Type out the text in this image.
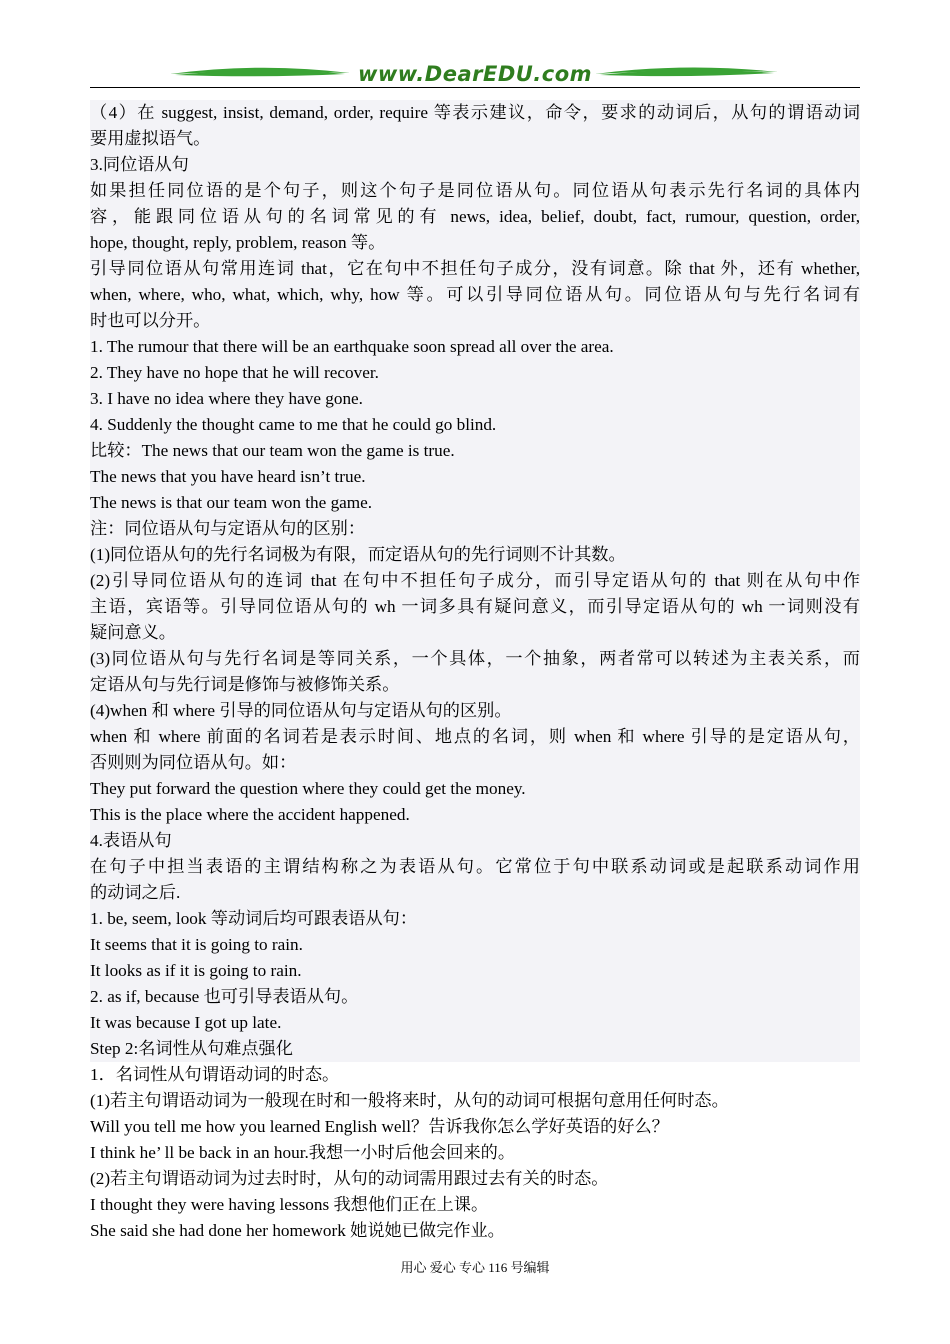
www.DearEDU.com
（4）在 suggest, insist, demand, order, require 等表示建议，命令，要求的动词后，从句的谓语动词
要用虚拟语气。
3.同位语从句
如果担任同位语的是个句子，则这个句子是同位语从句。同位语从句表示先行名词的具体内
容，能跟同位语从句的名词常见的有 news, idea, belief, doubt, fact, rumour, question, order,
hope, thought, reply, problem, reason 等。
引导同位语从句常用连词 that，它在句中不担任句子成分，没有词意。除 that 外，还有 whether,
when, where, who, what, which, why, how 等。可以引导同位语从句。同位语从句与先行名词有
时也可以分开。
1. The rumour that there will be an earthquake soon spread all over the area.
2. They have no hope that he will recover.
3. I have no idea where they have gone.
4. Suddenly the thought came to me that he could go blind.
比较：The news that our team won the game is true.
The news that you have heard isn’t true.
The news is that our team won the game.
注：同位语从句与定语从句的区别：
(1)同位语从句的先行名词极为有限，而定语从句的先行词则不计其数。
(2)引导同位语从句的连词 that 在句中不担任句子成分，而引导定语从句的 that 则在从句中作
主语，宾语等。引导同位语从句的 wh 一词多具有疑问意义，而引导定语从句的 wh 一词则没有
疑问意义。
(3)同位语从句与先行名词是等同关系，一个具体，一个抽象，两者常可以转述为主表关系，而
定语从句与先行词是修饰与被修饰关系。
(4)when 和 where 引导的同位语从句与定语从句的区别。
when 和 where 前面的名词若是表示时间、地点的名词，则 when 和 where 引导的是定语从句，
否则则为同位语从句。如：
They put forward the question where they could get the money.
This is the place where the accident happened.
4.表语从句
在句子中担当表语的主谓结构称之为表语从句。它常位于句中联系动词或是起联系动词作用
的动词之后.
1. be, seem, look 等动词后均可跟表语从句：
It seems that it is going to rain.
It looks as if it is going to rain.
2. as if, because 也可引导表语从句。
It was because I got up late.
Step 2:名词性从句难点强化
1．名词性从句谓语动词的时态。
(1)若主句谓语动词为一般现在时和一般将来时，从句的动词可根据句意用任何时态。
Will you tell me how you learned English well？告诉我你怎么学好英语的好么？
I think he’ ll be back in an hour.我想一小时后他会回来的。
(2)若主句谓语动词为过去时时，从句的动词需用跟过去有关的时态。
I thought they were having lessons 我想他们正在上课。
She said she had done her homework 她说她已做完作业。
用心 爱心 专心 116 号编辑
